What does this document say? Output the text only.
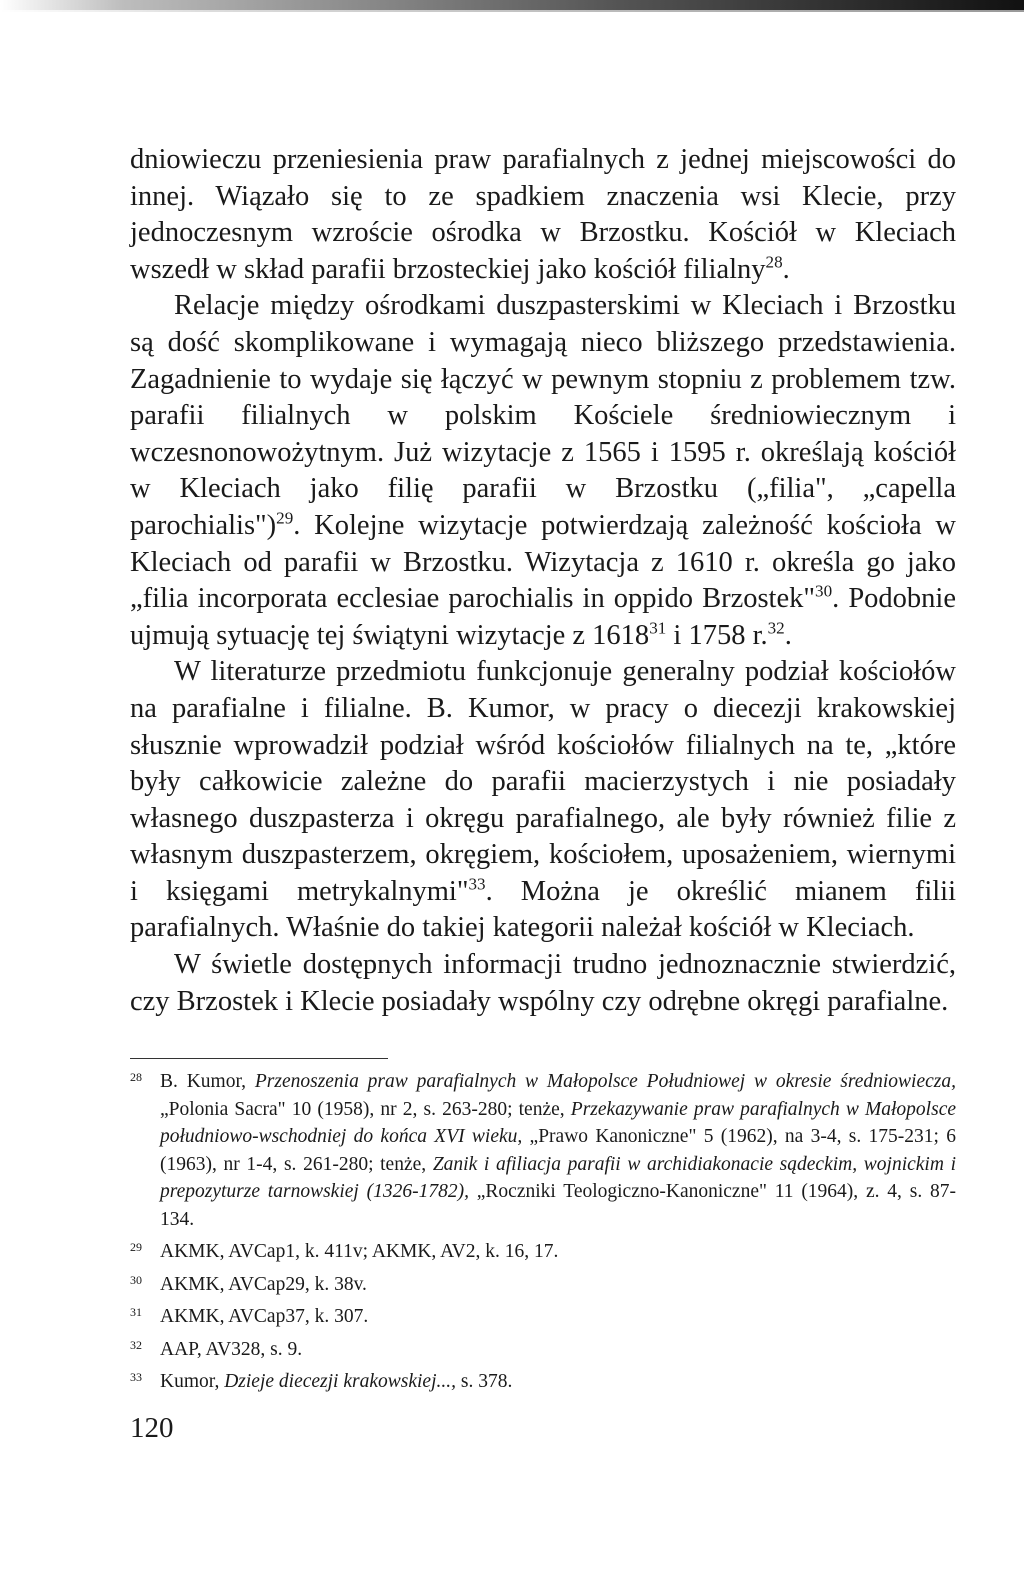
dniowieczu przeniesienia praw parafialnych z jednej miejscowości do innej. Wiązało się to ze spadkiem znaczenia wsi Klecie, przy jednoczesnym wzroście ośrodka w Brzostku. Kościół w Kleciach wszedł w skład parafii brzosteckiej jako kościół filialny$^{28}$.

Relacje między ośrodkami duszpasterskimi w Kleciach i Brzostku są dość skomplikowane i wymagają nieco bliższego przedstawienia. Zagadnienie to wydaje się łączyć w pewnym stopniu z problemem tzw. parafii filialnych w polskim Kościele średniowiecznym i wczesnonowożytnym. Już wizytacje z 1565 i 1595 r. określają kościół w Kleciach jako filię parafii w Brzostku („filia", „capella parochialis")$^{29}$. Kolejne wizytacje potwierdzają zależność kościoła w Kleciach od parafii w Brzostku. Wizytacja z 1610 r. określa go jako „filia incorporata ecclesiae parochialis in oppido Brzostek"$^{30}$. Podobnie ujmują sytuację tej świątyni wizytacje z 1618$^{31}$ i 1758 r.$^{32}$.

W literaturze przedmiotu funkcjonuje generalny podział kościołów na parafialne i filialne. B. Kumor, w pracy o diecezji krakowskiej słusznie wprowadził podział wśród kościołów filialnych na te, „które były całkowicie zależne do parafii macierzystych i nie posiadały własnego duszpasterza i okręgu parafialnego, ale były również filie z własnym duszpasterzem, okręgiem, kościołem, uposażeniem, wiernymi i księgami metrykalnymi"$^{33}$. Można je określić mianem filii parafialnych. Właśnie do takiej kategorii należał kościół w Kleciach.

W świetle dostępnych informacji trudno jednoznacznie stwierdzić, czy Brzostek i Klecie posiadały wspólny czy odrębne okręgi parafialne.

28 B. Kumor, Przenoszenia praw parafialnych w Małopolsce Południowej w okresie średniowiecza, „Polonia Sacra" 10 (1958), nr 2, s. 263-280; tenże, Przekazywanie praw parafialnych w Małopolsce południowo-wschodniej do końca XVI wieku, „Prawo Kanoniczne" 5 (1962), na 3-4, s. 175-231; 6 (1963), nr 1-4, s. 261-280; tenże, Zanik i afiliacja parafii w archidiakonacie sądeckim, wojnickim i prepozyturze tarnowskiej (1326-1782), „Roczniki Teologiczno-Kanoniczne" 11 (1964), z. 4, s. 87-134.
29 AKMK, AVCap1, k. 411v; AKMK, AV2, k. 16, 17.
30 AKMK, AVCap29, k. 38v.
31 AKMK, AVCap37, k. 307.
32 AAP, AV328, s. 9.
33 Kumor, Dzieje diecezji krakowskiej..., s. 378.
120
